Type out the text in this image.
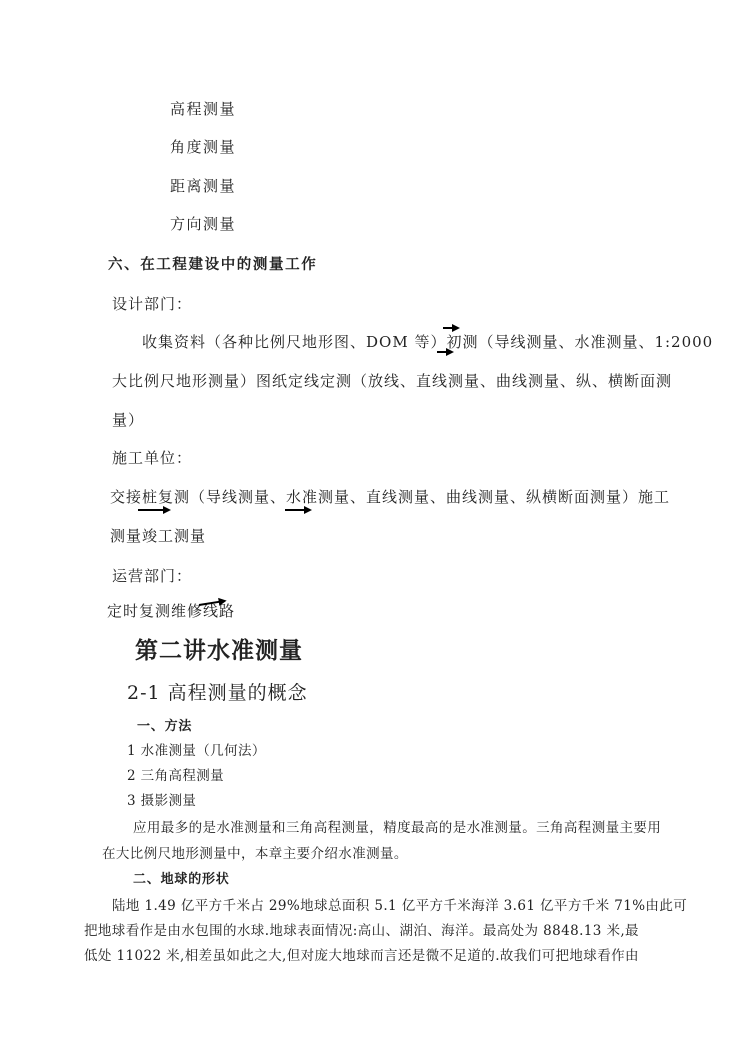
高程测量
角度测量
距离测量
方向测量
六、在工程建设中的测量工作
设计部门：
收集资料（各种比例尺地形图、DOM 等）初测（导线测量、水准测量、1:2000
大比例尺地形测量）图纸定线定测（放线、直线测量、曲线测量、纵、横断面测
量）
施工单位：
交接桩复测（导线测量、水准测量、直线测量、曲线测量、纵横断面测量）施工
测量竣工测量
运营部门：
定时复测维修线路
第二讲水准测量
2-1 高程测量的概念
一、方法
1 水准测量（几何法）
2 三角高程测量
3 摄影测量
应用最多的是水准测量和三角高程测量，精度最高的是水准测量。三角高程测量主要用
在大比例尺地形测量中，本章主要介绍水准测量。
二、地球的形状
陆地 1.49 亿平方千米占 29%地球总面积 5.1 亿平方千米海洋 3.61 亿平方千米 71%由此可
把地球看作是由水包围的水球.地球表面情况:高山、湖泊、海洋。最高处为 8848.13 米,最
低处 11022 米,相差虽如此之大,但对庞大地球而言还是微不足道的.故我们可把地球看作由
